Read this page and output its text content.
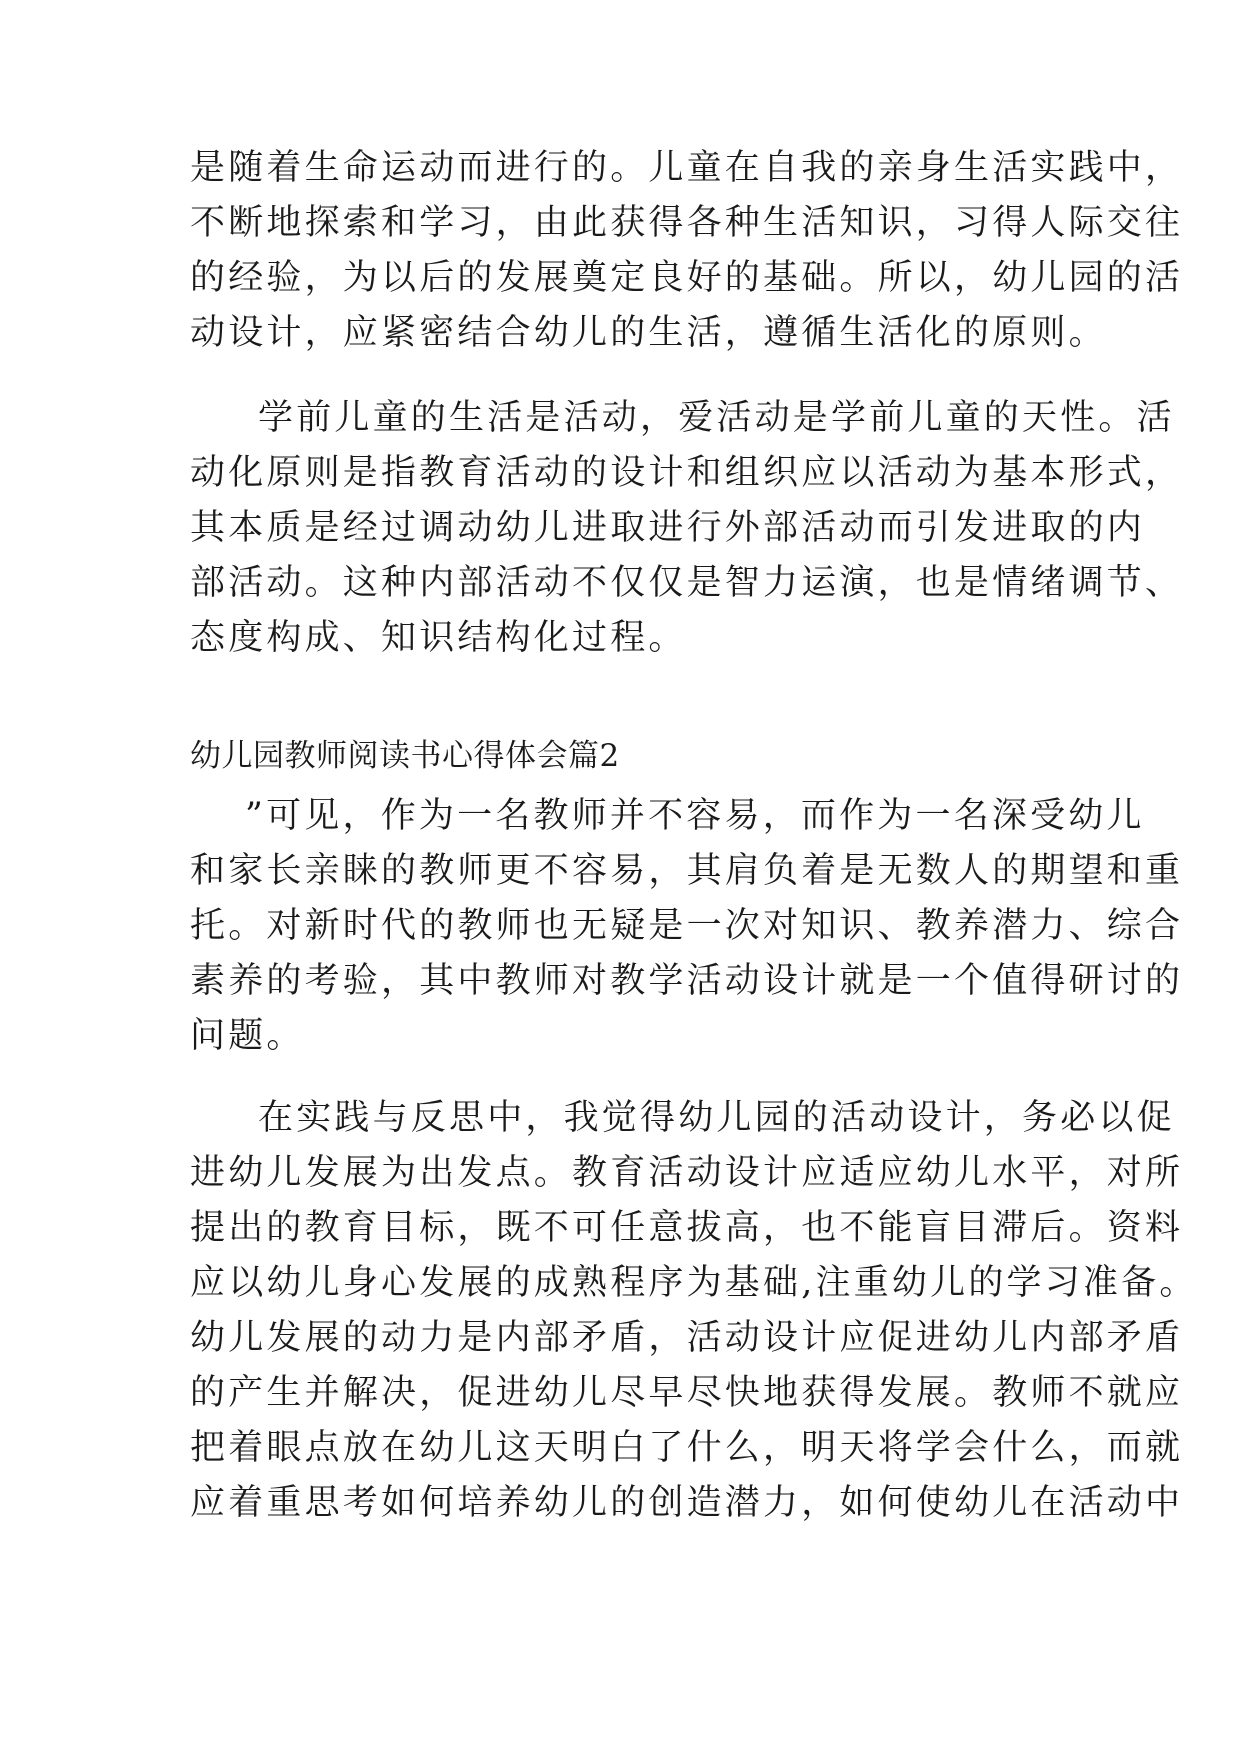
是随着生命运动而进行的。儿童在自我的亲身生活实践中，
不断地探索和学习，由此获得各种生活知识，习得人际交往
的经验，为以后的发展奠定良好的基础。所以，幼儿园的活
动设计，应紧密结合幼儿的生活，遵循生活化的原则。
学前儿童的生活是活动，爱活动是学前儿童的天性。活
动化原则是指教育活动的设计和组织应以活动为基本形式，
其本质是经过调动幼儿进取进行外部活动而引发进取的内
部活动。这种内部活动不仅仅是智力运演，也是情绪调节、
态度构成、知识结构化过程。
幼儿园教师阅读书心得体会篇2
”可见，作为一名教师并不容易，而作为一名深受幼儿
和家长亲睐的教师更不容易，其肩负着是无数人的期望和重
托。对新时代的教师也无疑是一次对知识、教养潜力、综合
素养的考验，其中教师对教学活动设计就是一个值得研讨的
问题。
在实践与反思中，我觉得幼儿园的活动设计，务必以促
进幼儿发展为出发点。教育活动设计应适应幼儿水平，对所
提出的教育目标，既不可任意拔高，也不能盲目滞后。资料
应以幼儿身心发展的成熟程序为基础,注重幼儿的学习准备。
幼儿发展的动力是内部矛盾，活动设计应促进幼儿内部矛盾
的产生并解决，促进幼儿尽早尽快地获得发展。教师不就应
把着眼点放在幼儿这天明白了什么，明天将学会什么，而就
应着重思考如何培养幼儿的创造潜力，如何使幼儿在活动中
